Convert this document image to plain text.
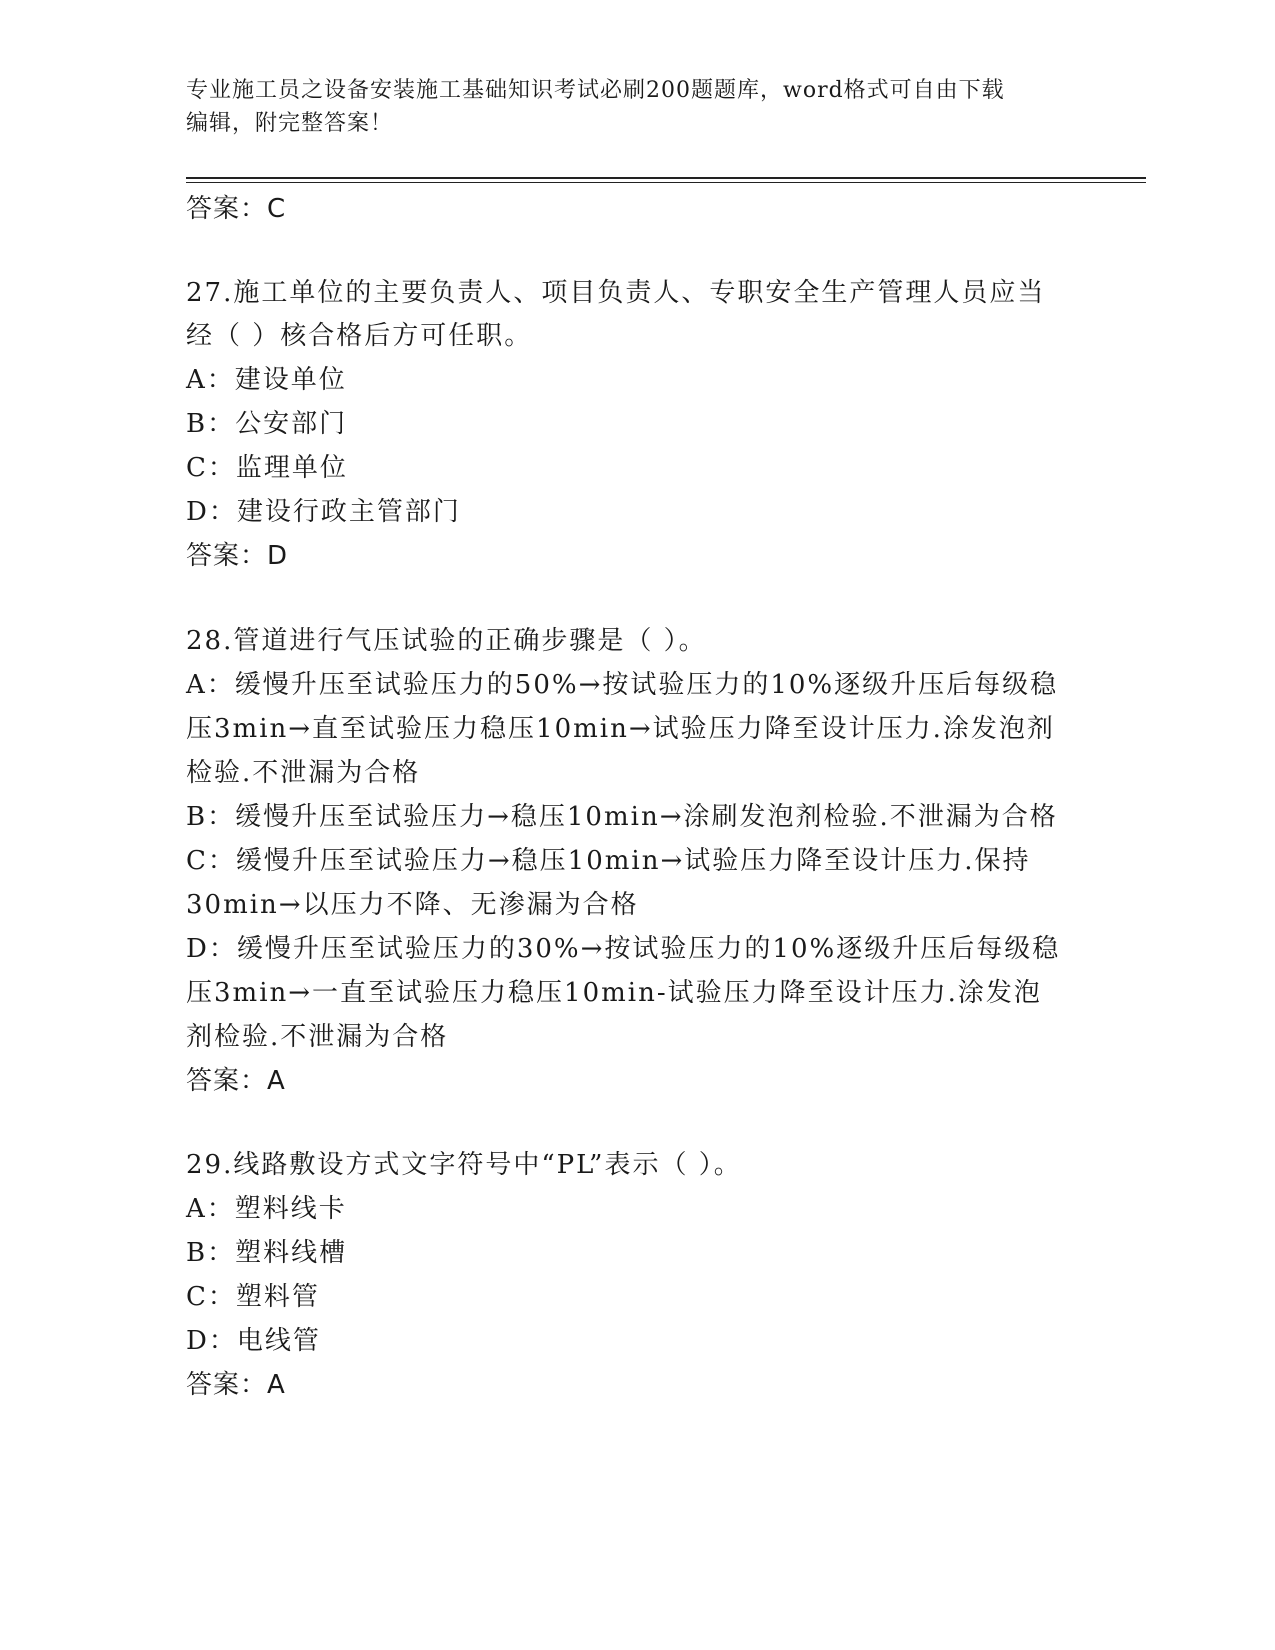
专业施工员之设备安装施工基础知识考试必刷200题题库，word格式可自由下载
编辑，附完整答案！
答案：C
27.施工单位的主要负责人、项目负责人、专职安全生产管理人员应当
经（ ）核合格后方可任职。
A：建设单位
B：公安部门
C：监理单位
D：建设行政主管部门
答案：D
28.管道进行气压试验的正确步骤是（ ）。
A：缓慢升压至试验压力的50%→按试验压力的10%逐级升压后每级稳
压3min→直至试验压力稳压10min→试验压力降至设计压力.涂发泡剂
检验.不泄漏为合格
B：缓慢升压至试验压力→稳压10min→涂刷发泡剂检验.不泄漏为合格
C：缓慢升压至试验压力→稳压10min→试验压力降至设计压力.保持
30min→以压力不降、无渗漏为合格
D：缓慢升压至试验压力的30%→按试验压力的10%逐级升压后每级稳
压3min→一直至试验压力稳压10min-试验压力降至设计压力.涂发泡
剂检验.不泄漏为合格
答案：A
29.线路敷设方式文字符号中“PL”表示（ ）。
A：塑料线卡
B：塑料线槽
C：塑料管
D：电线管
答案：A
